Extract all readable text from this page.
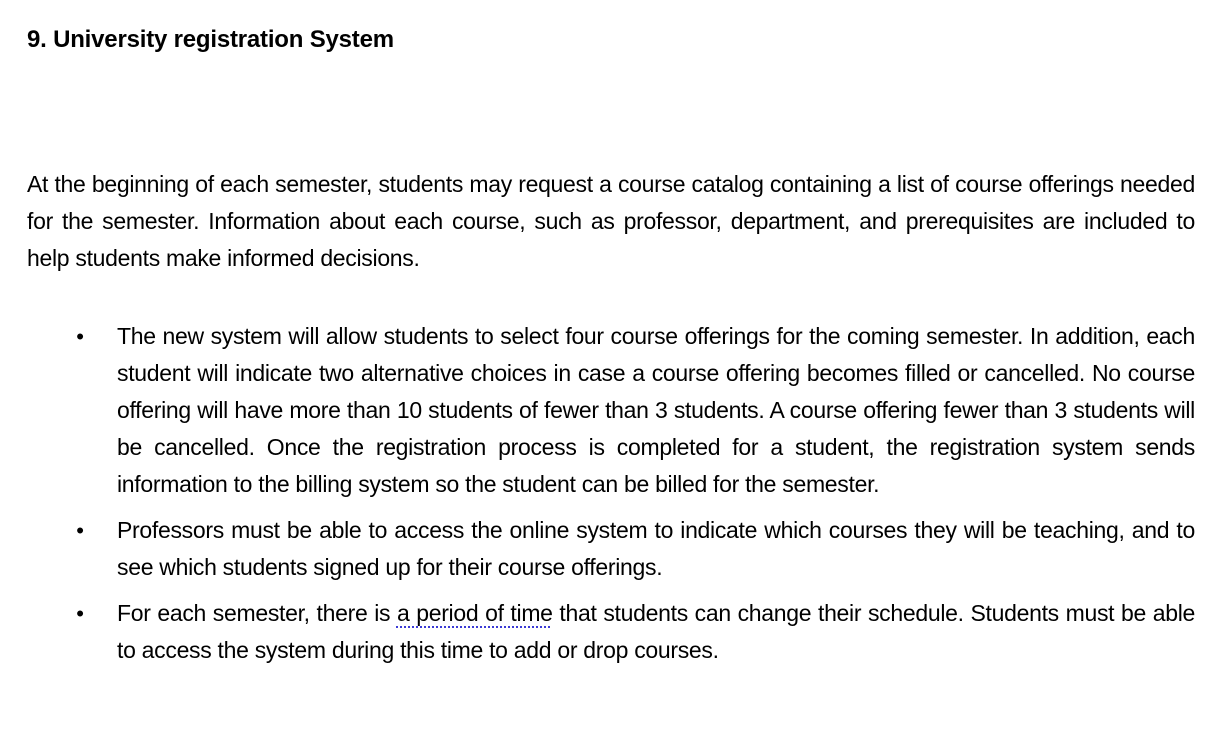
9. University registration System

At the beginning of each semester, students may request a course catalog containing a list of course offerings needed for the semester. Information about each course, such as professor, department, and prerequisites are included to help students make informed decisions.

• The new system will allow students to select four course offerings for the coming semester. In addition, each student will indicate two alternative choices in case a course offering becomes filled or cancelled. No course offering will have more than 10 students of fewer than 3 students. A course offering fewer than 3 students will be cancelled. Once the registration process is completed for a student, the registration system sends information to the billing system so the student can be billed for the semester.
• Professors must be able to access the online system to indicate which courses they will be teaching, and to see which students signed up for their course offerings.
• For each semester, there is a period of time that students can change their schedule. Students must be able to access the system during this time to add or drop courses.
